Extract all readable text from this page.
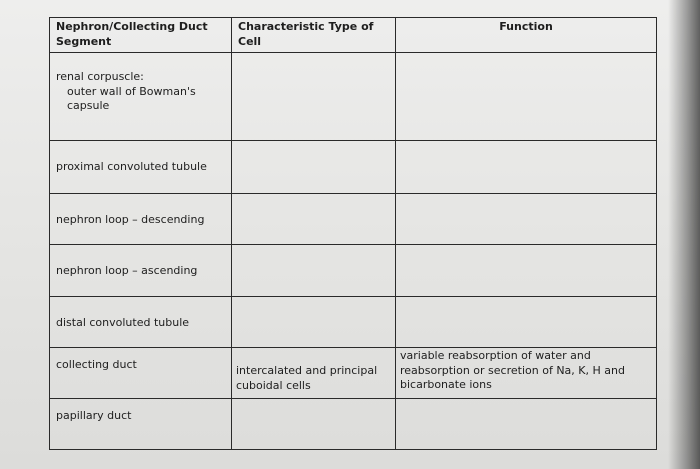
Nephron/Collecting Duct Segment	Characteristic Type of Cell	Function

renal corpuscle:
outer wall of Bowman's
capsule		

proximal convoluted tubule		

nephron loop – descending		

nephron loop – ascending		

distal convoluted tubule		

collecting duct	intercalated and principal cuboidal cells	variable reabsorption of water and reabsorption or secretion of Na, K, H and bicarbonate ions

papillary duct		
